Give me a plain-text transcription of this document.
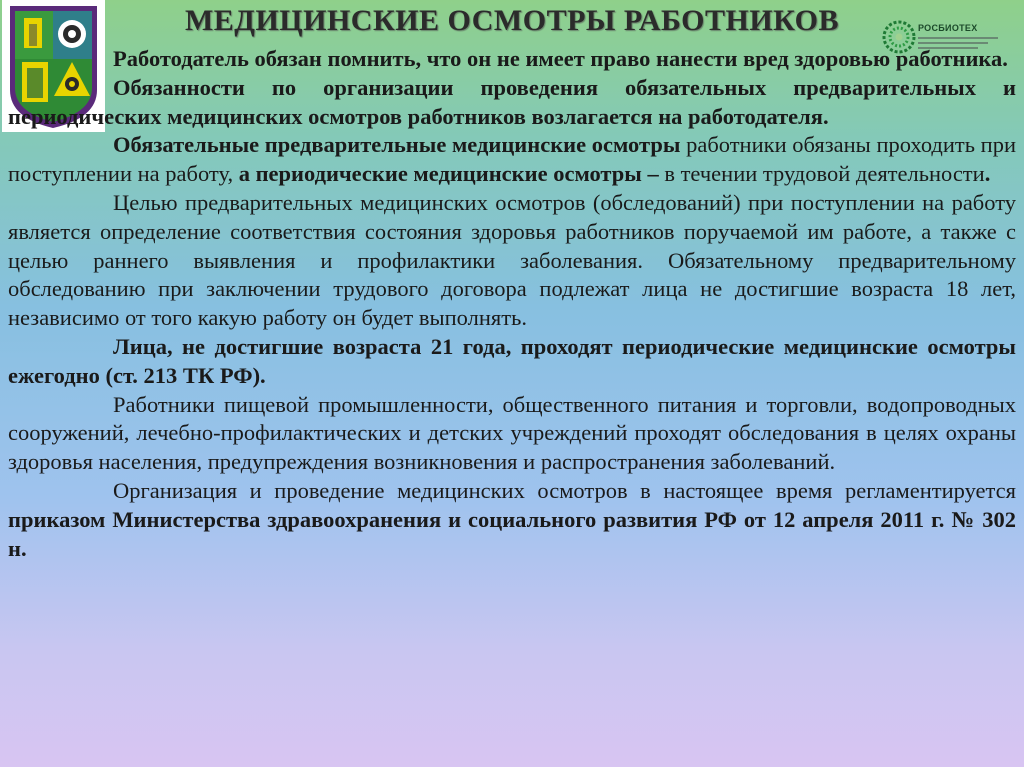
РОСБИОТЕХ
МЕДИЦИНСКИЕ ОСМОТРЫ РАБОТНИКОВ

Работодатель обязан помнить, что он не имеет право нанести вред здоровью работника.

Обязанности по организации проведения обязательных предварительных и периодических медицинских осмотров работников возлагается на работодателя.

Обязательные предварительные медицинские осмотры работники обязаны проходить при поступлении на работу, а периодические медицинские осмотры – в течении трудовой деятельности.

Целью предварительных медицинских осмотров (обследований) при поступлении на работу является определение соответствия состояния здоровья работников поручаемой им работе, а также с целью раннего выявления и профилактики заболевания. Обязательному предварительному обследованию при заключении трудового договора подлежат лица не достигшие возраста 18 лет, независимо от того какую работу он будет выполнять.

Лица, не достигшие возраста 21 года, проходят периодические медицинские осмотры ежегодно (ст. 213 ТК РФ).

Работники пищевой промышленности, общественного питания и торговли, водопроводных сооружений, лечебно-профилактических и детских учреждений проходят обследования в целях охраны здоровья населения, предупреждения возникновения и распространения заболеваний.

Организация и проведение медицинских осмотров в настоящее время регламентируется приказом Министерства здравоохранения и социального развития РФ от 12 апреля 2011 г. № 302 н.
